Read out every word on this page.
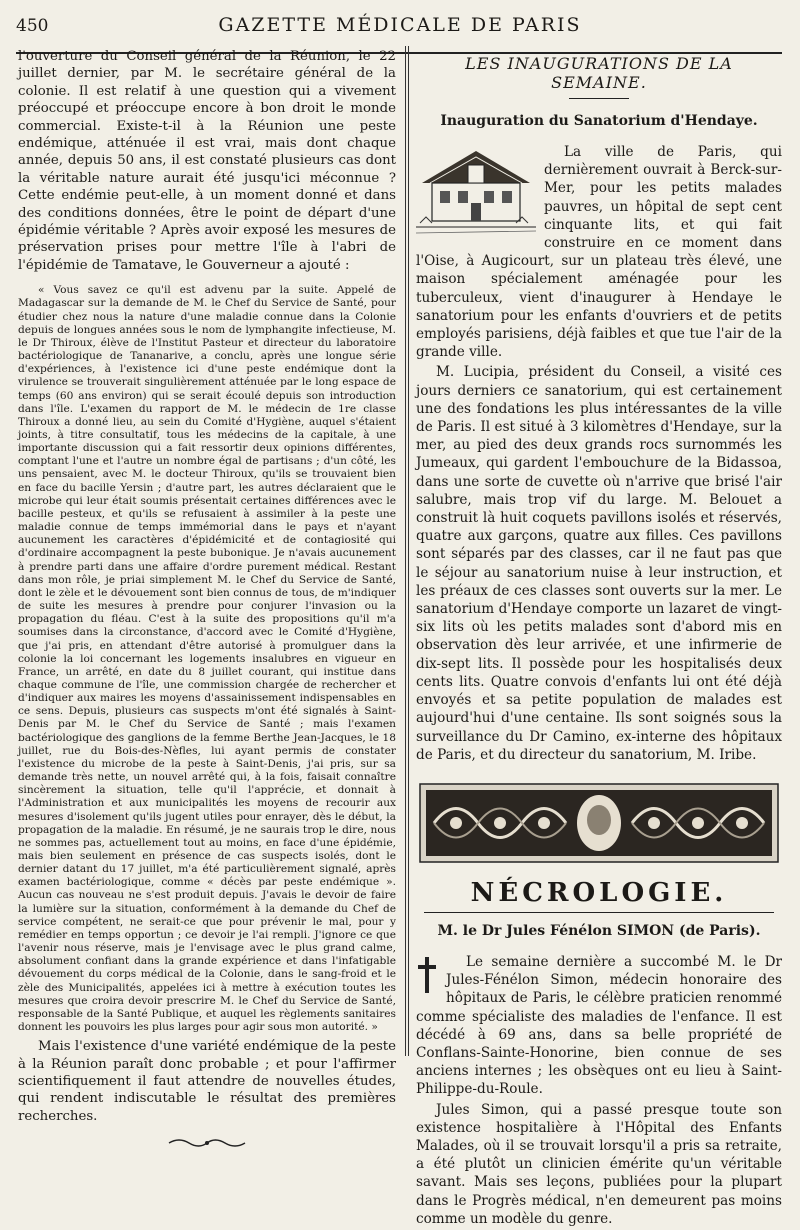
450	GAZETTE MÉDICALE DE PARIS

l'ouverture du Conseil général de la Réunion, le 22 juillet dernier, par M. le secrétaire général de la colonie. Il est relatif à une question qui a vivement préoccupé et préoccupe encore à bon droit le monde commercial. Existe-t-il à la Réunion une peste endémique, atténuée il est vrai, mais dont chaque année, depuis 50 ans, il est constaté plusieurs cas dont la véritable nature aurait été jusqu'ici méconnue ? Cette endémie peut-elle, à un moment donné et dans des conditions données, être le point de départ d'une épidémie véritable ? Après avoir exposé les mesures de préservation prises pour mettre l'île à l'abri de l'épidémie de Tamatave, le Gouverneur a ajouté :

« Vous savez ce qu'il est advenu par la suite. Appelé de Madagascar sur la demande de M. le Chef du Service de Santé, pour étudier chez nous la nature d'une maladie connue dans la Colonie depuis de longues années sous le nom de lymphangite infectieuse, M. le Dr Thiroux, élève de l'Institut Pasteur et directeur du laboratoire bactériologique de Tananarive, a conclu, après une longue série d'expériences, à l'existence ici d'une peste endémique dont la virulence se trouverait singulièrement atténuée par le long espace de temps (60 ans environ) qui se serait écoulé depuis son introduction dans l'île. L'examen du rapport de M. le médecin de 1re classe Thiroux a donné lieu, au sein du Comité d'Hygiène, auquel s'étaient joints, à titre consultatif, tous les médecins de la capitale, à une importante discussion qui a fait ressortir deux opinions différentes, comptant l'une et l'autre un nombre égal de partisans ; d'un côté, les uns pensaient, avec M. le docteur Thiroux, qu'ils se trouvaient bien en face du bacille Yersin ; d'autre part, les autres déclaraient que le microbe qui leur était soumis présentait certaines différences avec le bacille pesteux, et qu'ils se refusaient à assimiler à la peste une maladie connue de temps immémorial dans le pays et n'ayant aucunement les caractères d'épidémicité et de contagiosité qui d'ordinaire accompagnent la peste bubonique. Je n'avais aucunement à prendre parti dans une affaire d'ordre purement médical. Restant dans mon rôle, je priai simplement M. le Chef du Service de Santé, dont le zèle et le dévouement sont bien connus de tous, de m'indiquer de suite les mesures à prendre pour conjurer l'invasion ou la propagation du fléau. C'est à la suite des propositions qu'il m'a soumises dans la circonstance, d'accord avec le Comité d'Hygiène, que j'ai pris, en attendant d'être autorisé à promulguer dans la colonie la loi concernant les logements insalubres en vigueur en France, un arrêté, en date du 8 juillet courant, qui institue dans chaque commune de l'île, une commission chargée de rechercher et d'indiquer aux maires les moyens d'assainissement indispensables en ce sens. Depuis, plusieurs cas suspects m'ont été signalés à Saint-Denis par M. le Chef du Service de Santé ; mais l'examen bactériologique des ganglions de la femme Berthe Jean-Jacques, le 18 juillet, rue du Bois-des-Nèfles, lui ayant permis de constater l'existence du microbe de la peste à Saint-Denis, j'ai pris, sur sa demande très nette, un nouvel arrêté qui, à la fois, faisait connaître sincèrement la situation, telle qu'il l'apprécie, et donnait à l'Administration et aux municipalités les moyens de recourir aux mesures d'isolement qu'ils jugent utiles pour enrayer, dès le début, la propagation de la maladie. En résumé, je ne saurais trop le dire, nous ne sommes pas, actuellement tout au moins, en face d'une épidémie, mais bien seulement en présence de cas suspects isolés, dont le dernier datant du 17 juillet, m'a été particulièrement signalé, après examen bactériologique, comme « décès par peste endémique ». Aucun cas nouveau ne s'est produit depuis. J'avais le devoir de faire la lumière sur la situation, conformément à la demande du Chef de service compétent, ne serait-ce que pour prévenir le mal, pour y remédier en temps opportun ; ce devoir je l'ai rempli. J'ignore ce que l'avenir nous réserve, mais je l'envisage avec le plus grand calme, absolument confiant dans la grande expérience et dans l'infatigable dévouement du corps médical de la Colonie, dans le sang-froid et le zèle des Municipalités, appelées ici à mettre à exécution toutes les mesures que croira devoir prescrire M. le Chef du Service de Santé, responsable de la Santé Publique, et auquel les règlements sanitaires donnent les pouvoirs les plus larges pour agir sous mon autorité. »

Mais l'existence d'une variété endémique de la peste à la Réunion paraît donc probable ; et pour l'affirmer scientifiquement il faut attendre de nouvelles études, qui rendent indiscutable le résultat des premières recherches.

LES INAUGURATIONS DE LA SEMAINE.
Inauguration du Sanatorium d'Hendaye.

La ville de Paris, qui dernièrement ouvrait à Berck-sur-Mer, pour les petits malades pauvres, un hôpital de sept cent cinquante lits, et qui fait construire en ce moment dans l'Oise, à Augicourt, sur un plateau très élevé, une maison spécialement aménagée pour les tuberculeux, vient d'inaugurer à Hendaye le sanatorium pour les enfants d'ouvriers et de petits employés parisiens, déjà faibles et que tue l'air de la grande ville.

M. Lucipia, président du Conseil, a visité ces jours derniers ce sanatorium, qui est certainement une des fondations les plus intéressantes de la ville de Paris. Il est situé à 3 kilomètres d'Hendaye, sur la mer, au pied des deux grands rocs surnommés les Jumeaux, qui gardent l'embouchure de la Bidassoa, dans une sorte de cuvette où n'arrive que brisé l'air salubre, mais trop vif du large. M. Belouet a construit là huit coquets pavillons isolés et réservés, quatre aux garçons, quatre aux filles. Ces pavillons sont séparés par des classes, car il ne faut pas que le séjour au sanatorium nuise à leur instruction, et les préaux de ces classes sont ouverts sur la mer. Le sanatorium d'Hendaye comporte un lazaret de vingt-six lits où les petits malades sont d'abord mis en observation dès leur arrivée, et une infirmerie de dix-sept lits. Il possède pour les hospitalisés deux cents lits. Quatre convois d'enfants lui ont été déjà envoyés et sa petite population de malades est aujourd'hui d'une centaine. Ils sont soignés sous la surveillance du Dr Camino, ex-interne des hôpitaux de Paris, et du directeur du sanatorium, M. Iribe.

NÉCROLOGIE.
M. le Dr Jules Fénélon SIMON (de Paris).

Le semaine dernière a succombé M. le Dr Jules-Fénélon Simon, médecin honoraire des hôpitaux de Paris, le célèbre praticien renommé comme spécialiste des maladies de l'enfance. Il est décédé à 69 ans, dans sa belle propriété de Conflans-Sainte-Honorine, bien connue de ses anciens internes ; les obsèques ont eu lieu à Saint-Philippe-du-Roule.

Jules Simon, qui a passé presque toute son existence hospitalière à l'Hôpital des Enfants Malades, où il se trouvait lorsqu'il a pris sa retraite, a été plutôt un clinicien émérite qu'un véritable savant. Mais ses leçons, publiées pour la plupart dans le Progrès médical, n'en demeurent pas moins comme un modèle du genre.
